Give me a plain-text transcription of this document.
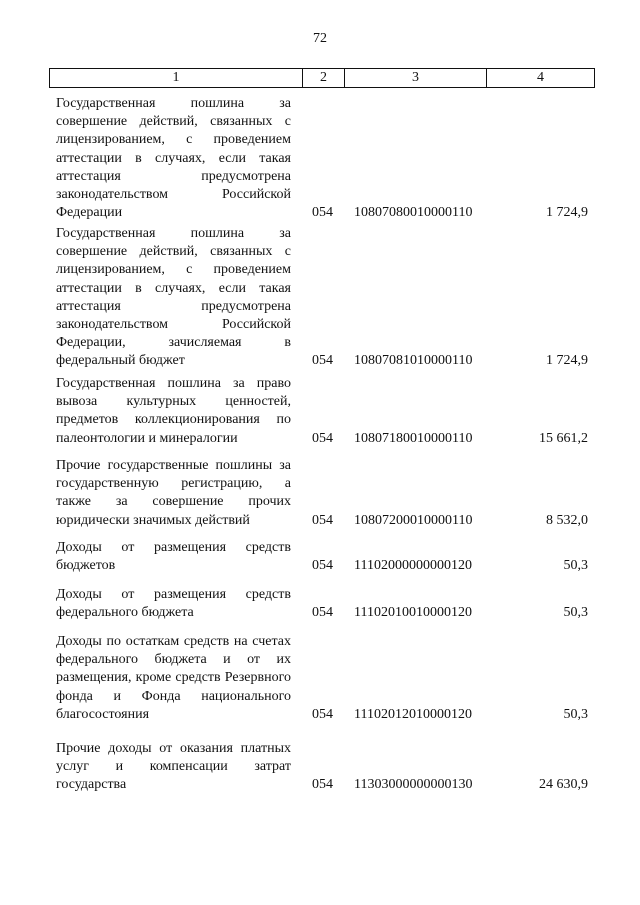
72
1	2	3	4
Государственная пошлина за совершение действий, связанных с лицензированием, с проведением аттестации в случаях, если такая аттестация предусмотрена законодательством Российской Федерации	054	10807080010000110	1 724,9
Государственная пошлина за совершение действий, связанных с лицензированием, с проведением аттестации в случаях, если такая аттестация предусмотрена законодательством Российской Федерации, зачисляемая в федеральный бюджет	054	10807081010000110	1 724,9
Государственная пошлина за право вывоза культурных ценностей, предметов коллекционирования по палеонтологии и минералогии	054	10807180010000110	15 661,2
Прочие государственные пошлины за государственную регистрацию, а также за совершение прочих юридически значимых действий	054	10807200010000110	8 532,0
Доходы от размещения средств бюджетов	054	11102000000000120	50,3
Доходы от размещения средств федерального бюджета	054	11102010010000120	50,3
Доходы по остаткам средств на счетах федерального бюджета и от их размещения, кроме средств Резервного фонда и Фонда национального благосостояния	054	11102012010000120	50,3
Прочие доходы от оказания платных услуг и компенсации затрат государства	054	11303000000000130	24 630,9
